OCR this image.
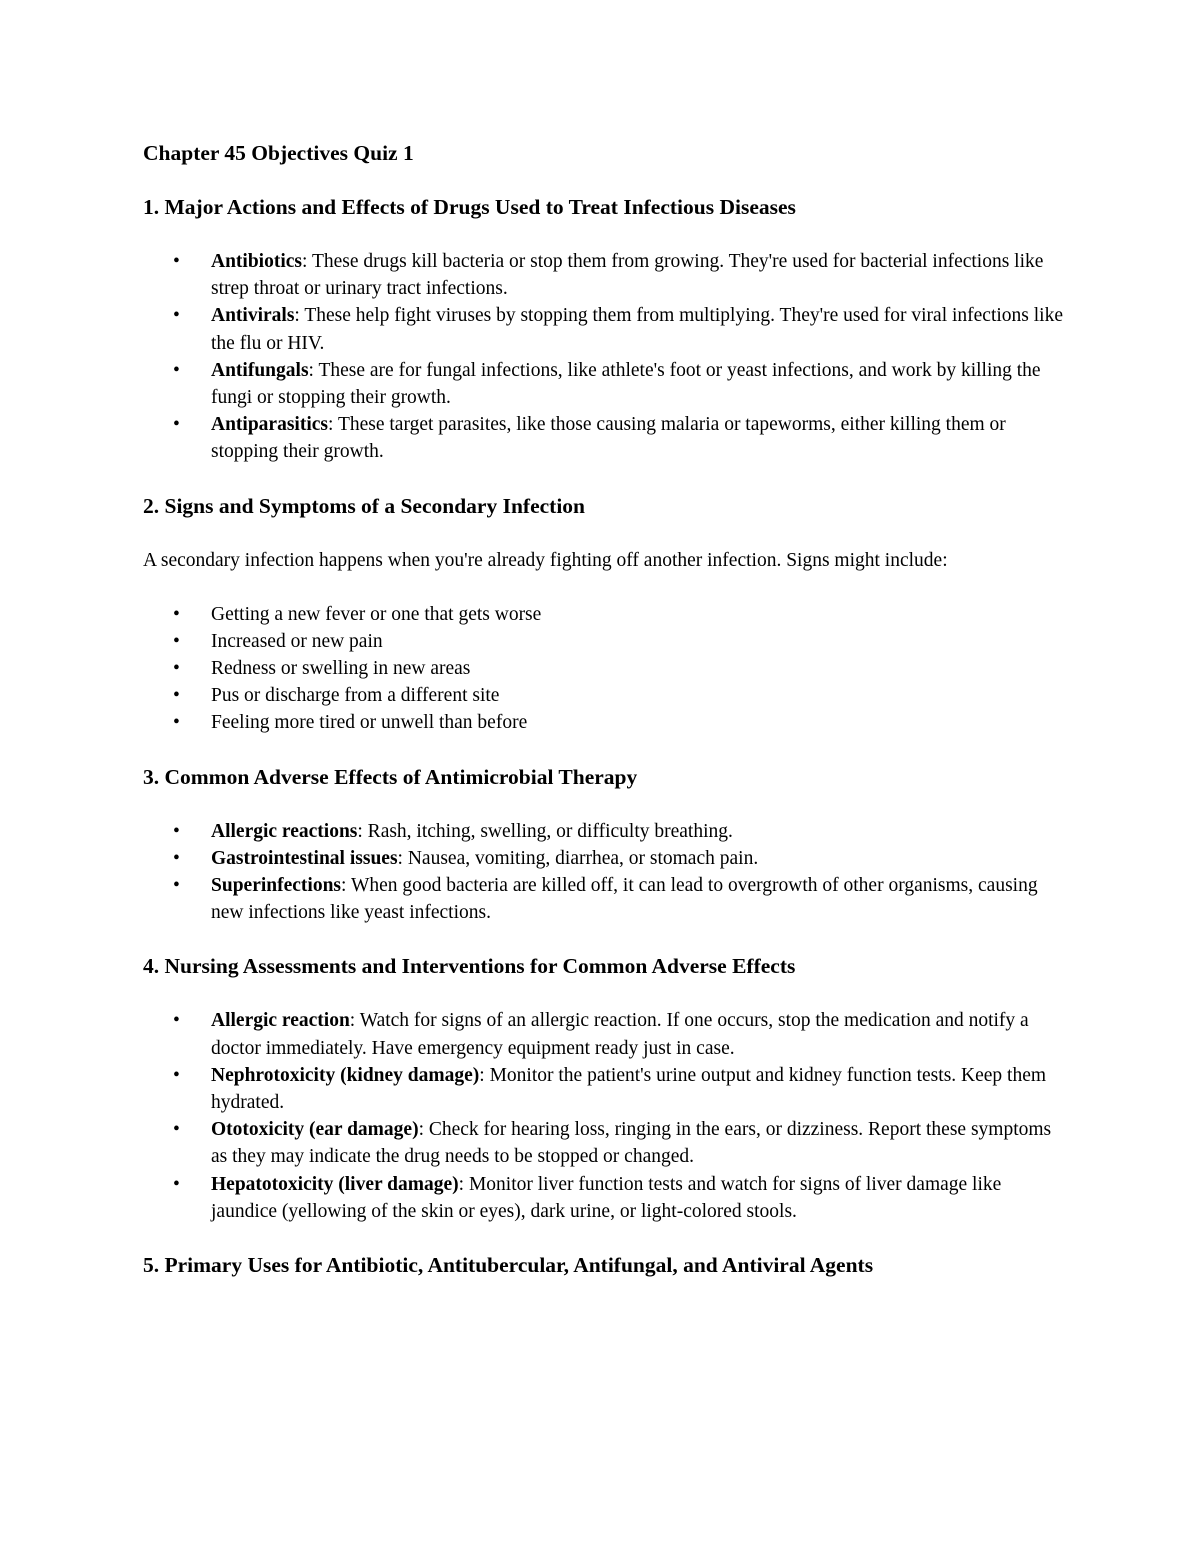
Chapter 45 Objectives Quiz 1
1. Major Actions and Effects of Drugs Used to Treat Infectious Diseases
• Antibiotics: These drugs kill bacteria or stop them from growing. They're used for bacterial infections like strep throat or urinary tract infections.
• Antivirals: These help fight viruses by stopping them from multiplying. They're used for viral infections like the flu or HIV.
• Antifungals: These are for fungal infections, like athlete's foot or yeast infections, and work by killing the fungi or stopping their growth.
• Antiparasitics: These target parasites, like those causing malaria or tapeworms, either killing them or stopping their growth.
2. Signs and Symptoms of a Secondary Infection
A secondary infection happens when you're already fighting off another infection. Signs might include:
• Getting a new fever or one that gets worse
• Increased or new pain
• Redness or swelling in new areas
• Pus or discharge from a different site
• Feeling more tired or unwell than before
3. Common Adverse Effects of Antimicrobial Therapy
• Allergic reactions: Rash, itching, swelling, or difficulty breathing.
• Gastrointestinal issues: Nausea, vomiting, diarrhea, or stomach pain.
• Superinfections: When good bacteria are killed off, it can lead to overgrowth of other organisms, causing new infections like yeast infections.
4. Nursing Assessments and Interventions for Common Adverse Effects
• Allergic reaction: Watch for signs of an allergic reaction. If one occurs, stop the medication and notify a doctor immediately. Have emergency equipment ready just in case.
• Nephrotoxicity (kidney damage): Monitor the patient's urine output and kidney function tests. Keep them hydrated.
• Ototoxicity (ear damage): Check for hearing loss, ringing in the ears, or dizziness. Report these symptoms as they may indicate the drug needs to be stopped or changed.
• Hepatotoxicity (liver damage): Monitor liver function tests and watch for signs of liver damage like jaundice (yellowing of the skin or eyes), dark urine, or light-colored stools.
5. Primary Uses for Antibiotic, Antitubercular, Antifungal, and Antiviral Agents
